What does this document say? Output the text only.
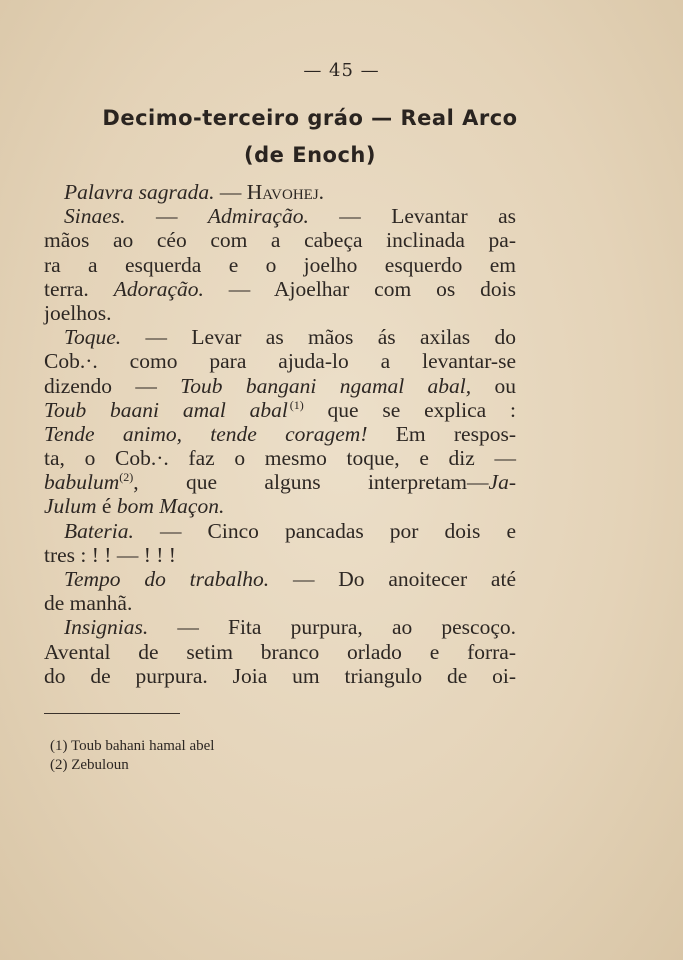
— 45 —
Decimo-terceiro gráo — Real Arco
(de Enoch)
Palavra sagrada. — Havohej.
Sinaes. — Admiração. — Levantar as
mãos ao céo com a cabeça inclinada pa-
ra a esquerda e o joelho esquerdo em
terra. Adoração. — Ajoelhar com os dois
joelhos.
Toque. — Levar as mãos ás axilas do
Cob.·. como para ajuda-lo a levantar-se
dizendo — Toub bangani ngamal abal, ou
Toub baani amal abal  $^{(1)}$ que se explica :
Tende animo, tende coragem! Em respos-
ta, o Cob.·. faz o mesmo toque, e diz —
babulum$^{(2)}$, que alguns interpretam—Ja-
Julum é bom Maçon.
Bateria. — Cinco pancadas por dois e
tres : ! ! — ! ! !
Tempo do trabalho. — Do anoitecer até
de manhã.
Insignias. — Fita purpura, ao pescoço.
Avental de setim branco orlado e forra-
do de purpura. Joia um triangulo de oi-
(1) Toub bahani hamal abel
(2) Zebuloun
